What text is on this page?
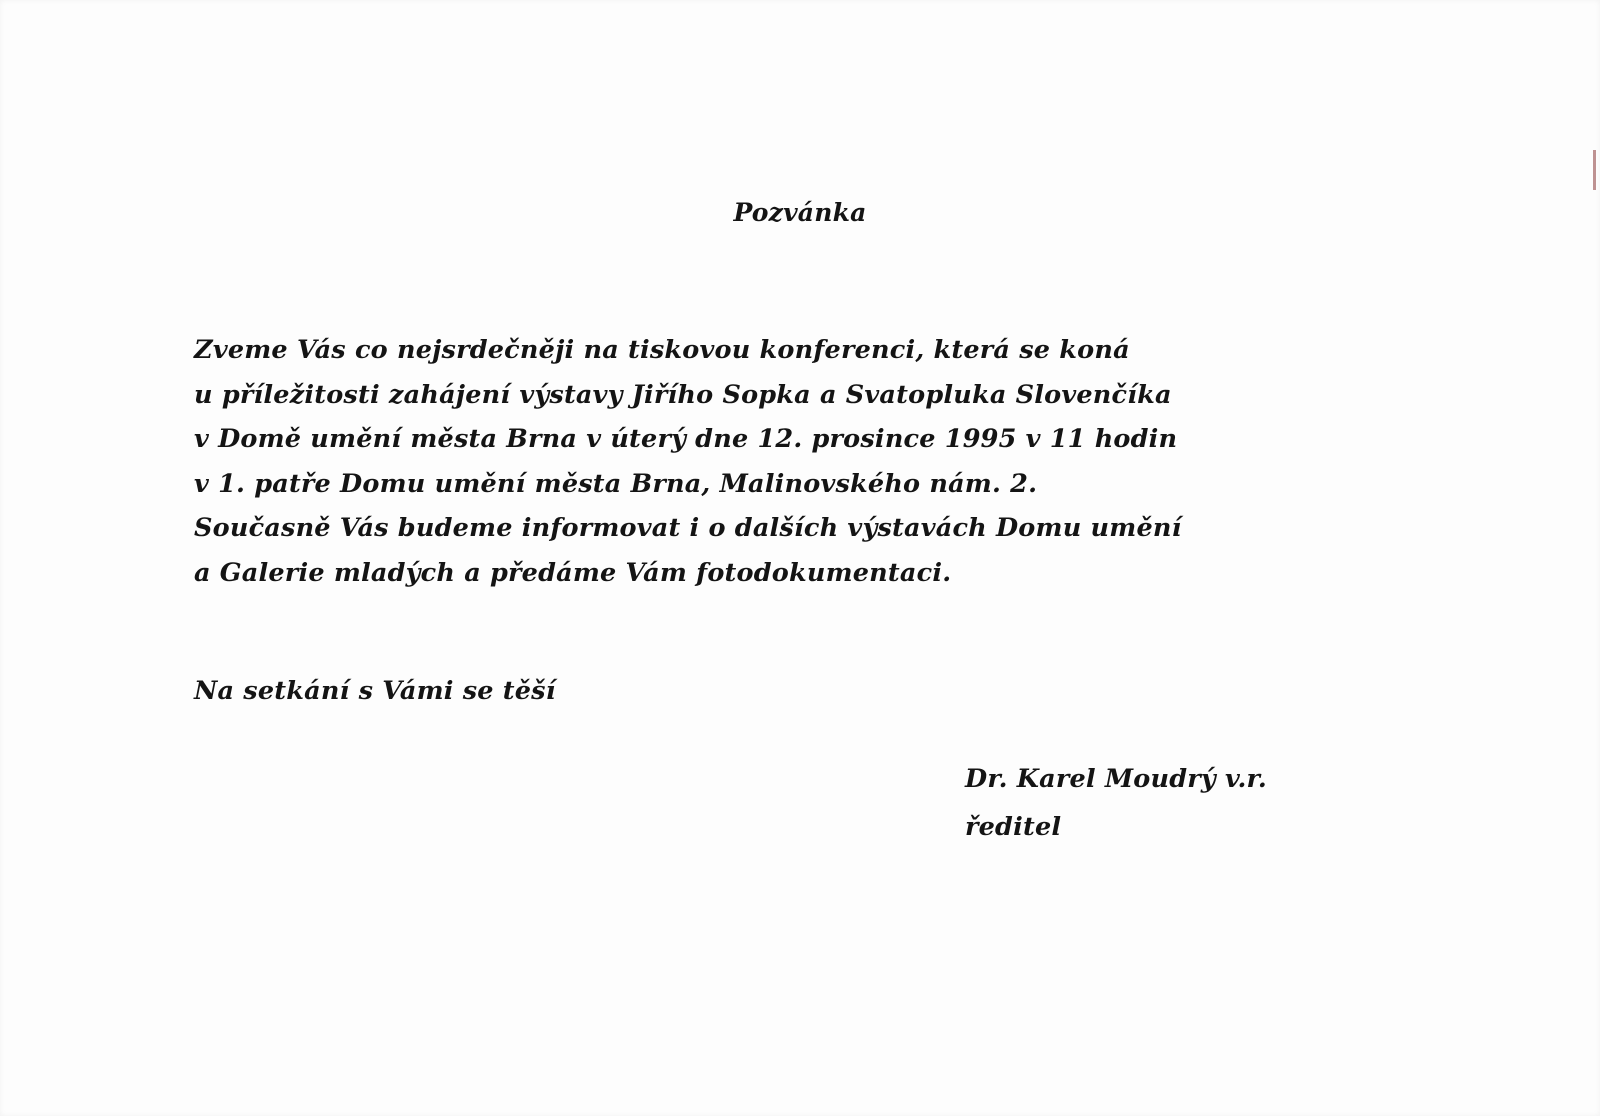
Pozvánka
Zveme Vás co nejsrdečněji na tiskovou konferenci, která se koná
u příležitosti zahájení výstavy Jiřího Sopka a Svatopluka Slovenčíka
v Domě umění města Brna v úterý dne 12. prosince 1995 v 11 hodin
v 1. patře Domu umění města Brna, Malinovského nám. 2.
Současně Vás budeme informovat i o dalších výstavách Domu umění
a Galerie mladých a předáme Vám fotodokumentaci.

Na setkání s Vámi se těší

Dr. Karel Moudrý v.r.

ředitel
